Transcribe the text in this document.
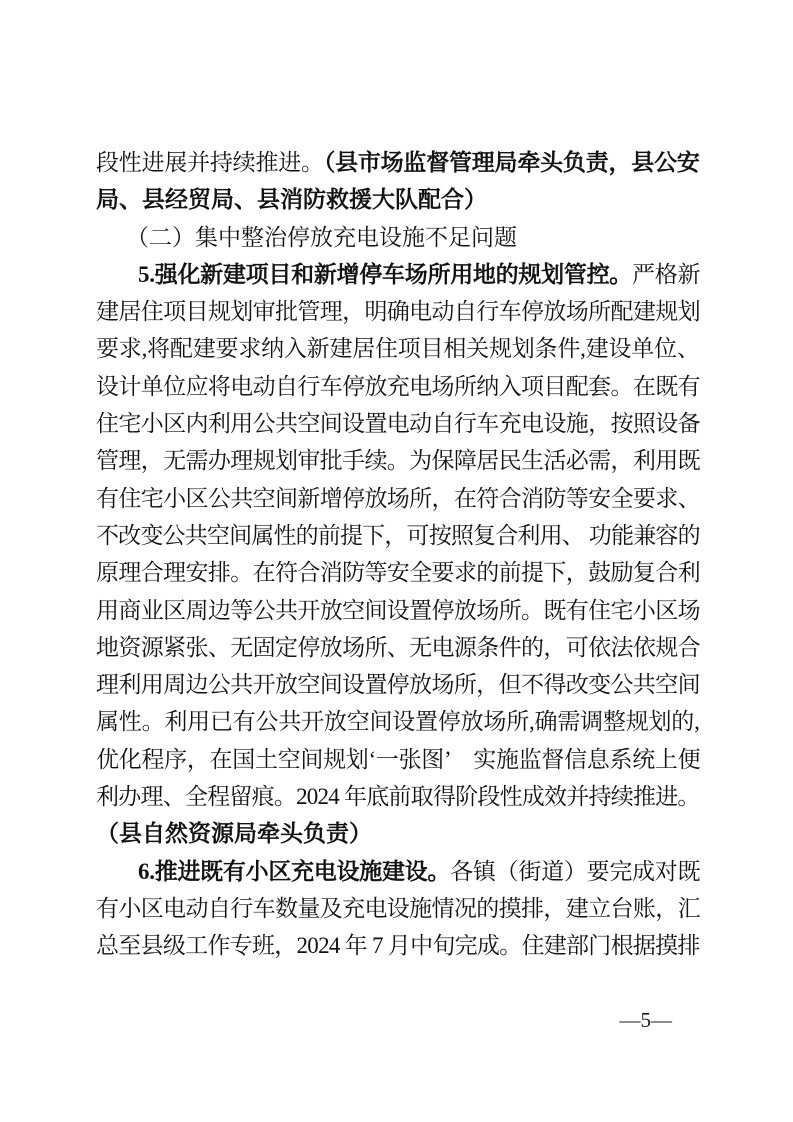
段性进展并持续推进。（县市场监督管理局牵头负责，县公安
局、县经贸局、县消防救援大队配合）
（二）集中整治停放充电设施不足问题
5.强化新建项目和新增停车场所用地的规划管控。严格新
建居住项目规划审批管理，明确电动自行车停放场所配建规划
要求,将配建要求纳入新建居住项目相关规划条件,建设单位、
设计单位应将电动自行车停放充电场所纳入项目配套。在既有
住宅小区内利用公共空间设置电动自行车充电设施，按照设备
管理，无需办理规划审批手续。为保障居民生活必需，利用既
有住宅小区公共空间新增停放场所，在符合消防等安全要求、
不改变公共空间属性的前提下，可按照复合利用、 功能兼容的
原理合理安排。在符合消防等安全要求的前提下，鼓励复合利
用商业区周边等公共开放空间设置停放场所。既有住宅小区场
地资源紧张、无固定停放场所、无电源条件的，可依法依规合
理利用周边公共开放空间设置停放场所，但不得改变公共空间
属性。利用已有公共开放空间设置停放场所,确需调整规划的,
优化程序，在国土空间规划‘一张图’　实施监督信息系统上便
利办理、全程留痕。2024 年底前取得阶段性成效并持续推进。
（县自然资源局牵头负责）
6.推进既有小区充电设施建设。各镇（街道）要完成对既
有小区电动自行车数量及充电设施情况的摸排，建立台账，汇
总至县级工作专班，2024 年 7 月中旬完成。住建部门根据摸排
—5—
